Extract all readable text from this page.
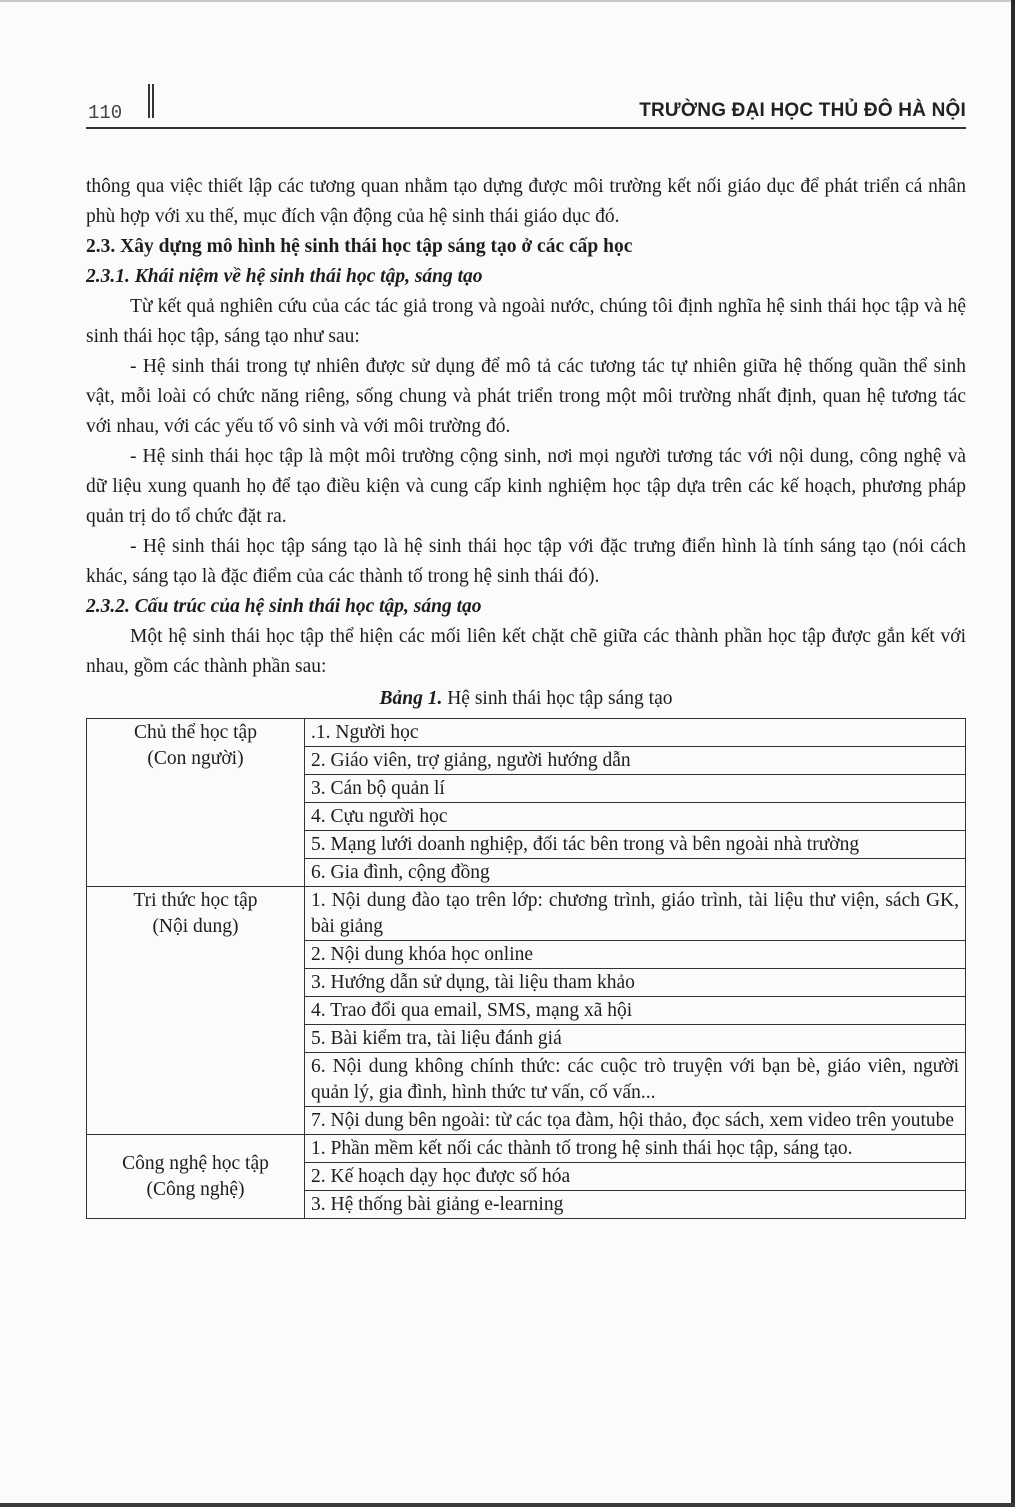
110	TRƯỜNG ĐẠI HỌC THỦ ĐÔ HÀ NỘI

thông qua việc thiết lập các tương quan nhằm tạo dựng được môi trường kết nối giáo dục để phát triển cá nhân phù hợp với xu thế, mục đích vận động của hệ sinh thái giáo dục đó.

2.3. Xây dựng mô hình hệ sinh thái học tập sáng tạo ở các cấp học

2.3.1. Khái niệm về hệ sinh thái học tập, sáng tạo

Từ kết quả nghiên cứu của các tác giả trong và ngoài nước, chúng tôi định nghĩa hệ sinh thái học tập và hệ sinh thái học tập, sáng tạo như sau:

- Hệ sinh thái trong tự nhiên được sử dụng để mô tả các tương tác tự nhiên giữa hệ thống quần thể sinh vật, mỗi loài có chức năng riêng, sống chung và phát triển trong một môi trường nhất định, quan hệ tương tác với nhau, với các yếu tố vô sinh và với môi trường đó.

- Hệ sinh thái học tập là một môi trường cộng sinh, nơi mọi người tương tác với nội dung, công nghệ và dữ liệu xung quanh họ để tạo điều kiện và cung cấp kinh nghiệm học tập dựa trên các kế hoạch, phương pháp quản trị do tổ chức đặt ra.

- Hệ sinh thái học tập sáng tạo là hệ sinh thái học tập với đặc trưng điển hình là tính sáng tạo (nói cách khác, sáng tạo là đặc điểm của các thành tố trong hệ sinh thái đó).

2.3.2. Cấu trúc của hệ sinh thái học tập, sáng tạo

Một hệ sinh thái học tập thể hiện các mối liên kết chặt chẽ giữa các thành phần học tập được gắn kết với nhau, gồm các thành phần sau:

Bảng 1. Hệ sinh thái học tập sáng tạo
Chủ thể học tập
(Con người)	.1. Người học
	2. Giáo viên, trợ giảng, người hướng dẫn
	3. Cán bộ quản lí
	4. Cựu người học
	5. Mạng lưới doanh nghiệp, đối tác bên trong và bên ngoài nhà trường
	6. Gia đình, cộng đồng

Tri thức học tập
(Nội dung)	1. Nội dung đào tạo trên lớp: chương trình, giáo trình, tài liệu thư viện, sách GK, bài giảng
	2. Nội dung khóa học online
	3. Hướng dẫn sử dụng, tài liệu tham khảo
	4. Trao đổi qua email, SMS, mạng xã hội
	5. Bài kiểm tra, tài liệu đánh giá
	6. Nội dung không chính thức: các cuộc trò truyện với bạn bè, giáo viên, người quản lý, gia đình, hình thức tư vấn, cố vấn...
	7. Nội dung bên ngoài: từ các tọa đàm, hội thảo, đọc sách, xem video trên youtube

Công nghệ học tập
(Công nghệ)	1. Phần mềm kết nối các thành tố trong hệ sinh thái học tập, sáng tạo.
	2. Kế hoạch dạy học được số hóa
	3. Hệ thống bài giảng e-learning
